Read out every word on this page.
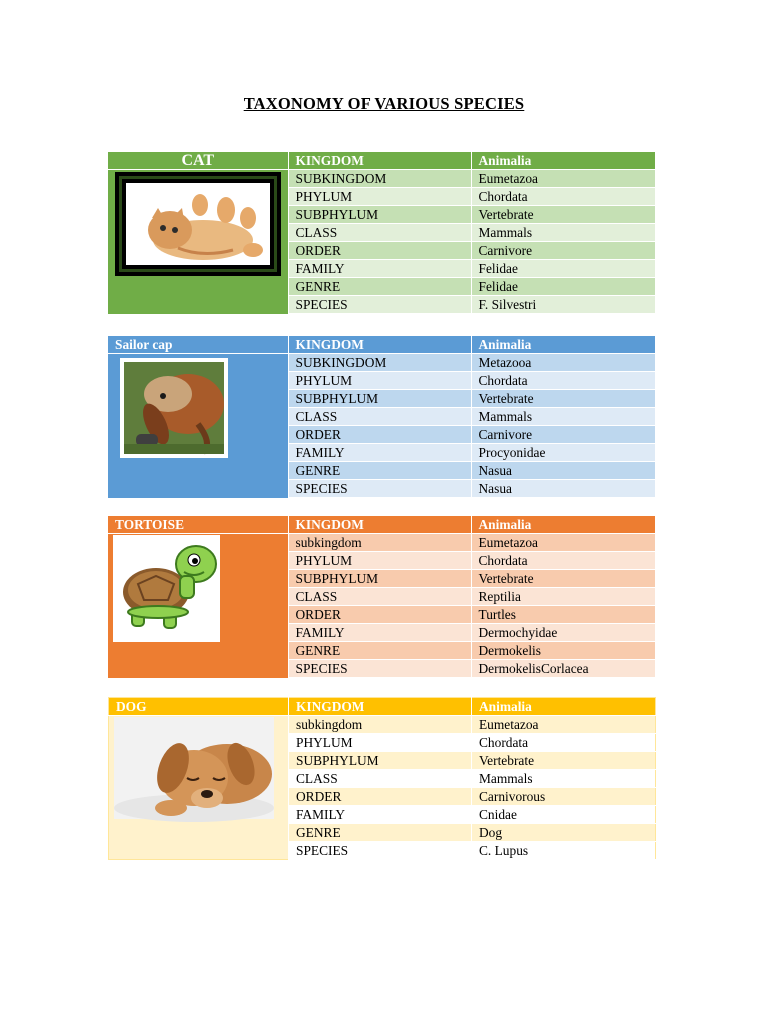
TAXONOMY OF VARIOUS SPECIES
CAT	KINGDOM	Animalia

	SUBKINGDOM	Eumetazoa
	PHYLUM	Chordata
	SUBPHYLUM	Vertebrate
	CLASS	Mammals
	ORDER	Carnivore
	FAMILY	Felidae
	GENRE	Felidae
	SPECIES	F. Silvestri
Sailor cap	KINGDOM	Animalia

	SUBKINGDOM	Metazooa
	PHYLUM	Chordata
	SUBPHYLUM	Vertebrate
	CLASS	Mammals
	ORDER	Carnivore
	FAMILY	Procyonidae
	GENRE	Nasua
	SPECIES	Nasua
TORTOISE	KINGDOM	Animalia

	subkingdom	Eumetazoa
	PHYLUM	Chordata
	SUBPHYLUM	Vertebrate
	CLASS	Reptilia
	ORDER	Turtles
	FAMILY	Dermochyidae
	GENRE	Dermokelis
	SPECIES	DermokelisCorlacea
DOG	KINGDOM	Animalia

	subkingdom	Eumetazoa
	PHYLUM	Chordata
	SUBPHYLUM	Vertebrate
	CLASS	Mammals
	ORDER	Carnivorous
	FAMILY	Cnidae
	GENRE	Dog
	SPECIES	C. Lupus
